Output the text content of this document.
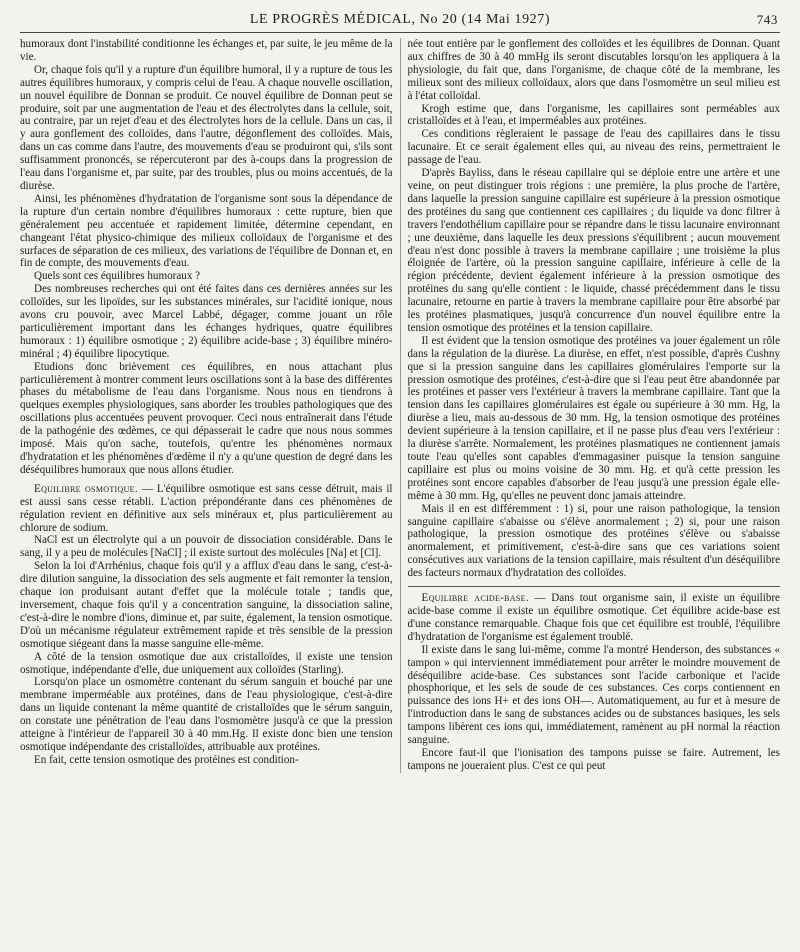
LE PROGRÈS MÉDICAL, No 20 (14 Mai 1927)	743

humoraux dont l'instabilité conditionne les échanges et, par suite, le jeu même de la vie.

Or, chaque fois qu'il y a rupture d'un équilibre humoral, il y a rupture de tous les autres équilibres humoraux, y compris celui de l'eau. A chaque nouvelle oscillation, un nouvel équilibre de Donnan se produit. Ce nouvel équilibre de Donnan peut se produire, soit par une augmentation de l'eau et des électrolytes dans la cellule, soit, au contraire, par un rejet d'eau et des électrolytes hors de la cellule. Dans un cas, il y aura gonflement des colloïdes, dans l'autre, dégonflement des colloïdes. Mais, dans un cas comme dans l'autre, des mouvements d'eau se produiront qui, s'ils sont suffisamment prononcés, se répercuteront par des à-coups dans la progression de l'eau dans l'organisme et, par suite, par des troubles, plus ou moins accentués, de la diurèse.

Ainsi, les phénomènes d'hydratation de l'organisme sont sous la dépendance de la rupture d'un certain nombre d'équilibres humoraux : cette rupture, bien que généralement peu accentuée et rapidement limitée, détermine cependant, en changeant l'état physico-chimique des milieux colloïdaux de l'organisme et des surfaces de séparation de ces milieux, des variations de l'équilibre de Donnan et, en fin de compte, des mouvements d'eau.

Quels sont ces équilibres humoraux ?

Des nombreuses recherches qui ont été faites dans ces dernières années sur les colloïdes, sur les lipoïdes, sur les substances minérales, sur l'acidité ionique, nous avons cru pouvoir, avec Marcel Labbé, dégager, comme jouant un rôle particulièrement important dans les échanges hydriques, quatre équilibres humoraux : 1) équilibre osmotique ; 2) équilibre acide-base ; 3) équilibre minéro-minéral ; 4) équilibre lipocytique.

Etudions donc brièvement ces équilibres, en nous attachant plus particulièrement à montrer comment leurs oscillations sont à la base des différentes phases du métabolisme de l'eau dans l'organisme. Nous nous en tiendrons à quelques exemples physiologiques, sans aborder les troubles pathologiques que des oscillations plus accentuées peuvent provoquer. Ceci nous entraînerait dans l'étude de la pathogénie des œdèmes, ce qui dépasserait le cadre que nous nous sommes imposé. Mais qu'on sache, toutefois, qu'entre les phénomènes normaux d'hydratation et les phénomènes d'œdème il n'y a qu'une question de degré dans les déséquilibres humoraux que nous allons étudier.

Equilibre osmotique. — L'équilibre osmotique est sans cesse détruit, mais il est aussi sans cesse rétabli. L'action prépondérante dans ces phénomènes de régulation revient en définitive aux sels minéraux et, plus particulièrement au chlorure de sodium.

NaCl est un électrolyte qui a un pouvoir de dissociation considérable. Dans le sang, il y a peu de molécules [NaCl] ; il existe surtout des molécules [Na] et [Cl].

Selon la loi d'Arrhénius, chaque fois qu'il y a afflux d'eau dans le sang, c'est-à-dire dilution sanguine, la dissociation des sels augmente et fait remonter la tension, chaque ion produisant autant d'effet que la molécule totale ; tandis que, inversement, chaque fois qu'il y a concentration sanguine, la dissociation saline, c'est-à-dire le nombre d'ions, diminue et, par suite, également, la tension osmotique. D'où un mécanisme régulateur extrêmement rapide et très sensible de la pression osmotique siégeant dans la masse sanguine elle-même.

A côté de la tension osmotique due aux cristalloïdes, il existe une tension osmotique, indépendante d'elle, due uniquement aux colloïdes (Starling).

Lorsqu'on place un osmomètre contenant du sérum sanguin et bouché par une membrane imperméable aux protéines, dans de l'eau physiologique, c'est-à-dire dans un liquide contenant la même quantité de cristalloïdes que le sérum sanguin, on constate une pénétration de l'eau dans l'osmomètre jusqu'à ce que la pression atteigne à l'intérieur de l'appareil 30 à 40 mm.Hg. Il existe donc bien une tension osmotique indépendante des cristalloïdes, attribuable aux protéines.

En fait, cette tension osmotique des protéines est condition-

née tout entière par le gonflement des colloïdes et les équilibres de Donnan. Quant aux chiffres de 30 à 40 mmHg ils seront discutables lorsqu'on les appliquera à la physiologie, du fait que, dans l'organisme, de chaque côté de la membrane, les milieux sont des milieux colloïdaux, alors que dans l'osmomètre un seul milieu est à l'état colloïdal.

Krogh estime que, dans l'organisme, les capillaires sont perméables aux cristalloïdes et à l'eau, et imperméables aux protéines.

Ces conditions règleraient le passage de l'eau des capillaires dans le tissu lacunaire. Et ce serait également elles qui, au niveau des reins, permettraient le passage de l'eau.

D'après Bayliss, dans le réseau capillaire qui se déploie entre une artère et une veine, on peut distinguer trois régions : une première, la plus proche de l'artère, dans laquelle la pression sanguine capillaire est supérieure à la pression osmotique des protéines du sang que contiennent ces capillaires ; du liquide va donc filtrer à travers l'endothélium capillaire pour se répandre dans le tissu lacunaire environnant ; une deuxième, dans laquelle les deux pressions s'équilibrent ; aucun mouvement d'eau n'est donc possible à travers la membrane capillaire ; une troisième la plus éloignée de l'artère, où la pression sanguine capillaire, inférieure à celle de la région précédente, devient également inférieure à la pression osmotique des protéines du sang qu'elle contient : le liquide, chassé précédemment dans le tissu lacunaire, retourne en partie à travers la membrane capillaire pour être absorbé par les protéines plasmatiques, jusqu'à concurrence d'un nouvel équilibre entre la tension osmotique des protéines et la tension capillaire.

Il est évident que la tension osmotique des protéines va jouer également un rôle dans la régulation de la diurèse. La diurèse, en effet, n'est possible, d'après Cushny que si la pression sanguine dans les capillaires glomérulaires l'emporte sur la pression osmotique des protéines, c'est-à-dire que si l'eau peut être abandonnée par les protéines et passer vers l'extérieur à travers la membrane capillaire. Tant que la tension dans les capillaires glomérulaires est égale ou supérieure à 30 mm. Hg, la diurèse a lieu, mais au-dessous de 30 mm. Hg, la tension osmotique des protéines devient supérieure à la tension capillaire, et il ne passe plus d'eau vers l'extérieur : la diurèse s'arrête. Normalement, les protéines plasmatiques ne contiennent jamais toute l'eau qu'elles sont capables d'emmagasiner puisque la tension sanguine capillaire est plus ou moins voisine de 30 mm. Hg. et qu'à cette pression les protéines sont encore capables d'absorber de l'eau jusqu'à une pression égale elle-même à 30 mm. Hg, qu'elles ne peuvent donc jamais atteindre.

Mais il en est différemment : 1) si, pour une raison pathologique, la tension sanguine capillaire s'abaisse ou s'élève anormalement ; 2) si, pour une raison pathologique, la pression osmotique des protéines s'élève ou s'abaisse anormalement, et primitivement, c'est-à-dire sans que ces variations soient consécutives aux variations de la tension capillaire, mais résultent d'un déséquilibre des facteurs normaux d'hydratation des colloïdes.

Equilibre acide-base. — Dans tout organisme sain, il existe un équilibre acide-base comme il existe un équilibre osmotique. Cet équilibre acide-base est d'une constance remarquable. Chaque fois que cet équilibre est troublé, l'équilibre d'hydratation de l'organisme est également troublé.

Il existe dans le sang lui-même, comme l'a montré Henderson, des substances « tampon » qui interviennent immédiatement pour arrêter le moindre mouvement de déséquilibre acide-base. Ces substances sont l'acide carbonique et l'acide phosphorique, et les sels de soude de ces substances. Ces corps contiennent en puissance des ions H+ et des ions OH—. Automatiquement, au fur et à mesure de l'introduction dans le sang de substances acides ou de substances basiques, les sels tampons libèrent ces ions qui, immédiatement, ramènent au pH normal la réaction sanguine.

Encore faut-il que l'ionisation des tampons puisse se faire. Autrement, les tampons ne joueraient plus. C'est ce qui peut
